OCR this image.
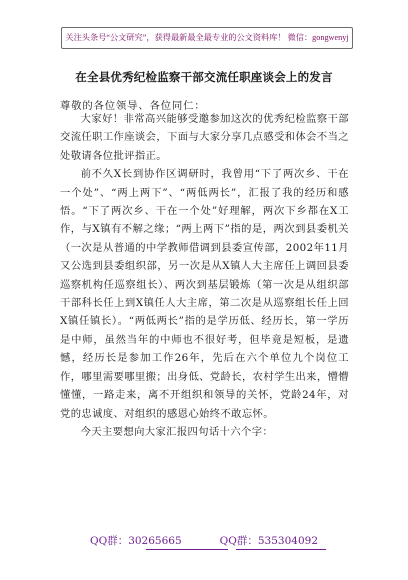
关注头条号“公文研究”，获得最新最全最专业的公文资料库！ 微信：gongwenyj
在全县优秀纪检监察干部交流任职座谈会上的发言
尊敬的各位领导、各位同仁：

大家好！非常高兴能够受邀参加这次的优秀纪检监察干部交流任职工作座谈会，下面与大家分享几点感受和体会不当之处敬请各位批评指正。

前不久X长到协作区调研时，我曾用“下了两次乡、干在一个处”、“两上两下”、“两低两长”，汇报了我的经历和感悟。“下了两次乡、干在一个处”好理解，两次下乡都在X工作，与X镇有不解之缘；“两上两下”指的是，两次到县委机关（一次是从普通的中学教师借调到县委宣传部，2002年11月又公选到县委组织部，另一次是从X镇人大主席任上调回县委巡察机构任巡察组长）、两次到基层锻炼（第一次是从组织部干部科长任上到X镇任人大主席，第二次是从巡察组长任上回X镇任镇长）。“两低两长”指的是学历低、经历长，第一学历是中师，虽然当年的中师也不很好考，但毕竟是短板，是遗憾，经历长是参加工作26年，先后在六个单位九个岗位工作，哪里需要哪里搬；出身低、党龄长，农村学生出来，懵懵懂懂，一路走来，离不开组织和领导的关怀，党龄24年，对党的忠诚度、对组织的感恩心始终不敢忘怀。

今天主要想向大家汇报四句话十六个字：

QQ群：30265665	QQ群：535304092
